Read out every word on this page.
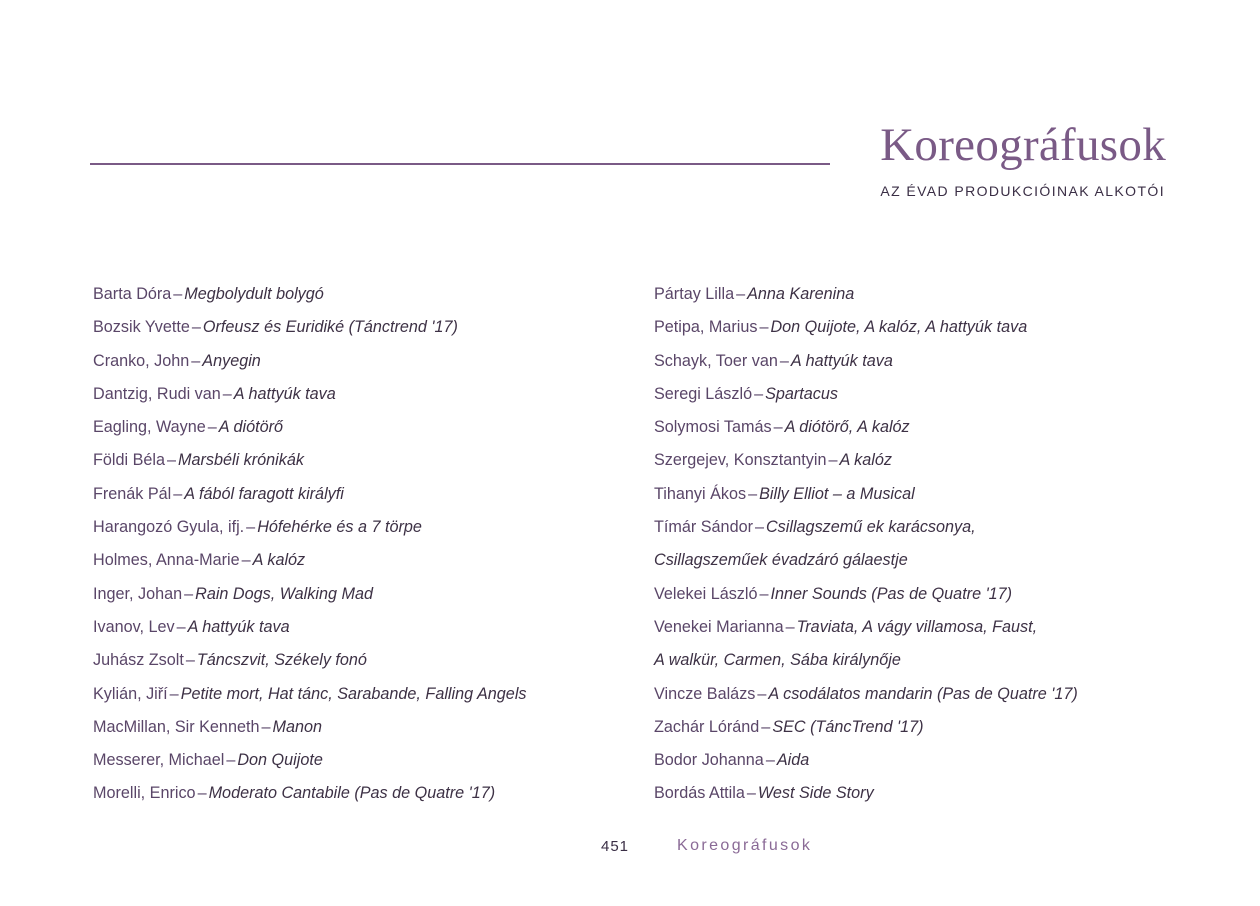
Koreográfusok
AZ ÉVAD PRODUKCIÓINAK ALKOTÓI
Barta Dóra – Megbolydult bolygó
Bozsik Yvette – Orfeusz és Euridiké (Tánctrend '17)
Cranko, John – Anyegin
Dantzig, Rudi van – A hattyúk tava
Eagling, Wayne – A diótörő
Földi Béla – Marsbéli krónikák
Frenák Pál – A fából faragott királyfi
Harangozó Gyula, ifj. – Hófehérke és a 7 törpe
Holmes, Anna-Marie – A kalóz
Inger, Johan – Rain Dogs, Walking Mad
Ivanov, Lev – A hattyúk tava
Juhász Zsolt – Táncszvit, Székely fonó
Kylián, Jiří – Petite mort, Hat tánc, Sarabande, Falling Angels
MacMillan, Sir Kenneth – Manon
Messerer, Michael – Don Quijote
Morelli, Enrico – Moderato Cantabile (Pas de Quatre '17)
Pártay Lilla – Anna Karenina
Petipa, Marius – Don Quijote, A kalóz, A hattyúk tava
Schayk, Toer van – A hattyúk tava
Seregi László – Spartacus
Solymosi Tamás – A diótörő, A kalóz
Szergejev, Konsztantyin – A kalóz
Tihanyi Ákos – Billy Elliot – a Musical
Tímár Sándor – Csillagszemű ek karácsonya,
Csillagszeműek évadzáró gálaestje
Velekei László – Inner Sounds (Pas de Quatre '17)
Venekei Marianna – Traviata, A vágy villamosa, Faust,
A walkür, Carmen, Sába királynője
Vincze Balázs – A csodálatos mandarin (Pas de Quatre '17)
Zachár Lóránd – SEC (TáncTrend '17)
Bodor Johanna – Aida
Bordás Attila – West Side Story
451	Koreográfusok
